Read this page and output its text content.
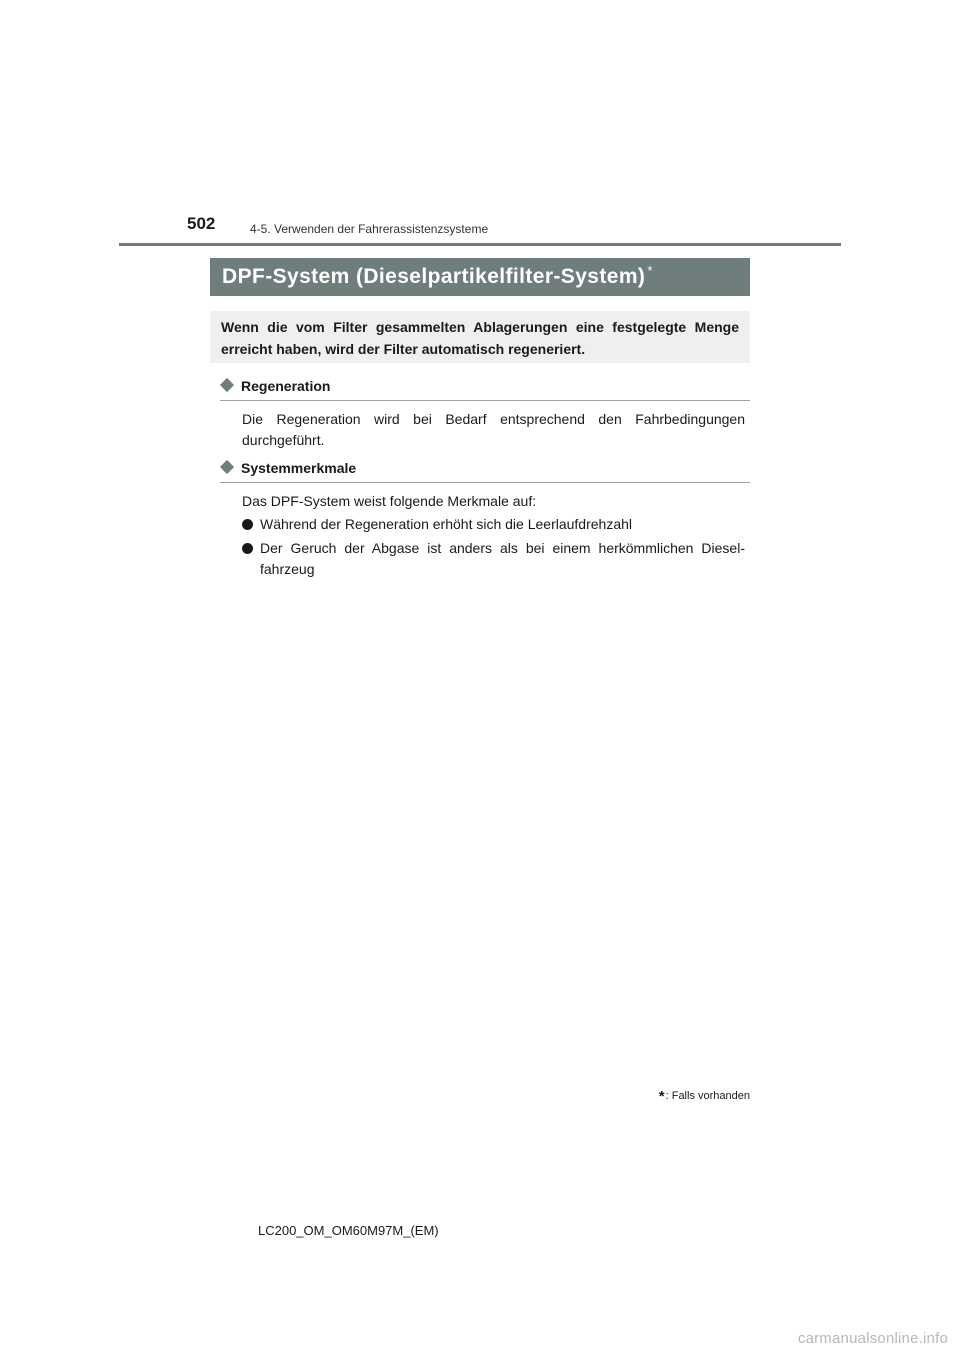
502	4-5. Verwenden der Fahrerassistenzsysteme
DPF-System (Dieselpartikelfilter-System) *
Wenn die vom Filter gesammelten Ablagerungen eine festgelegte Menge erreicht haben, wird der Filter automatisch regeneriert.
Regeneration
Die Regeneration wird bei Bedarf entsprechend den Fahrbedingungen durchgeführt.
Systemmerkmale
Das DPF-System weist folgende Merkmale auf:
Während der Regeneration erhöht sich die Leerlaufdrehzahl
Der Geruch der Abgase ist anders als bei einem herkömmlichen Diesel-fahrzeug
*: Falls vorhanden
LC200_OM_OM60M97M_(EM)
carmanualsonline.info
